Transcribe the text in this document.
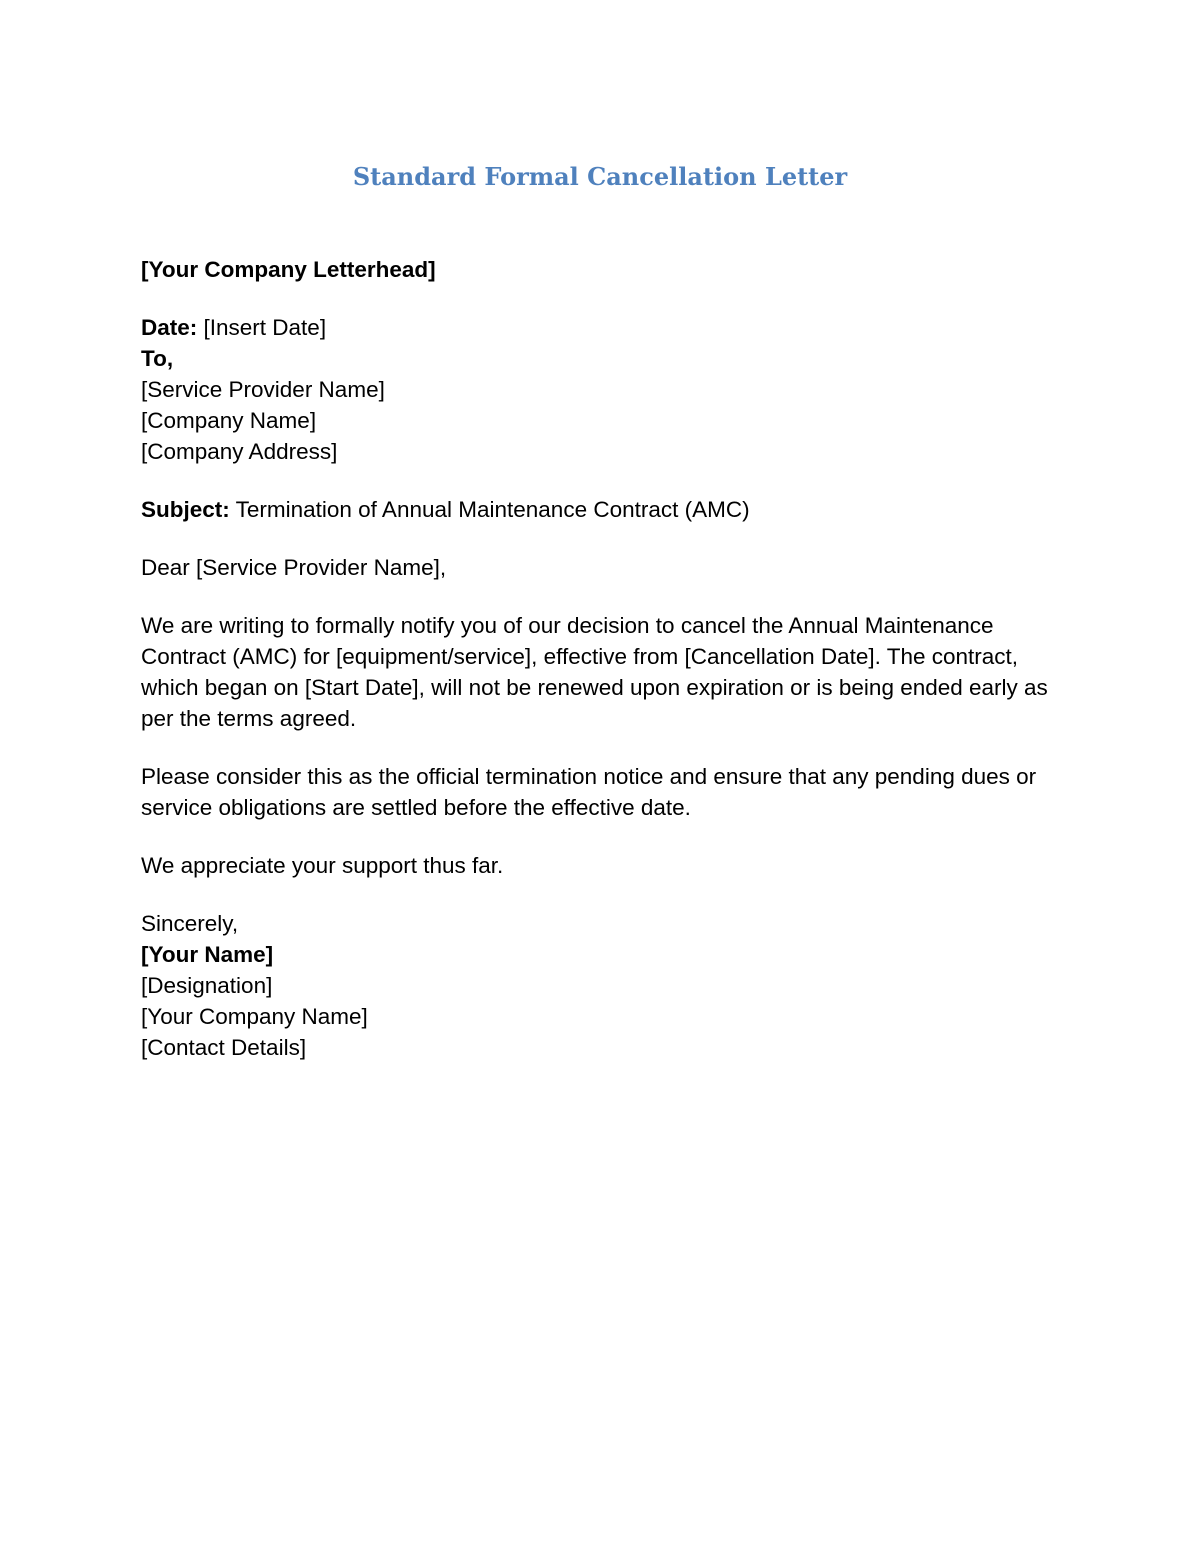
Standard Formal Cancellation Letter
[Your Company Letterhead]
Date: [Insert Date]
To,
[Service Provider Name]
[Company Name]
[Company Address]
Subject: Termination of Annual Maintenance Contract (AMC)
Dear [Service Provider Name],
We are writing to formally notify you of our decision to cancel the Annual Maintenance Contract (AMC) for [equipment/service], effective from [Cancellation Date]. The contract, which began on [Start Date], will not be renewed upon expiration or is being ended early as per the terms agreed.
Please consider this as the official termination notice and ensure that any pending dues or service obligations are settled before the effective date.
We appreciate your support thus far.
Sincerely,
[Your Name]
[Designation]
[Your Company Name]
[Contact Details]
